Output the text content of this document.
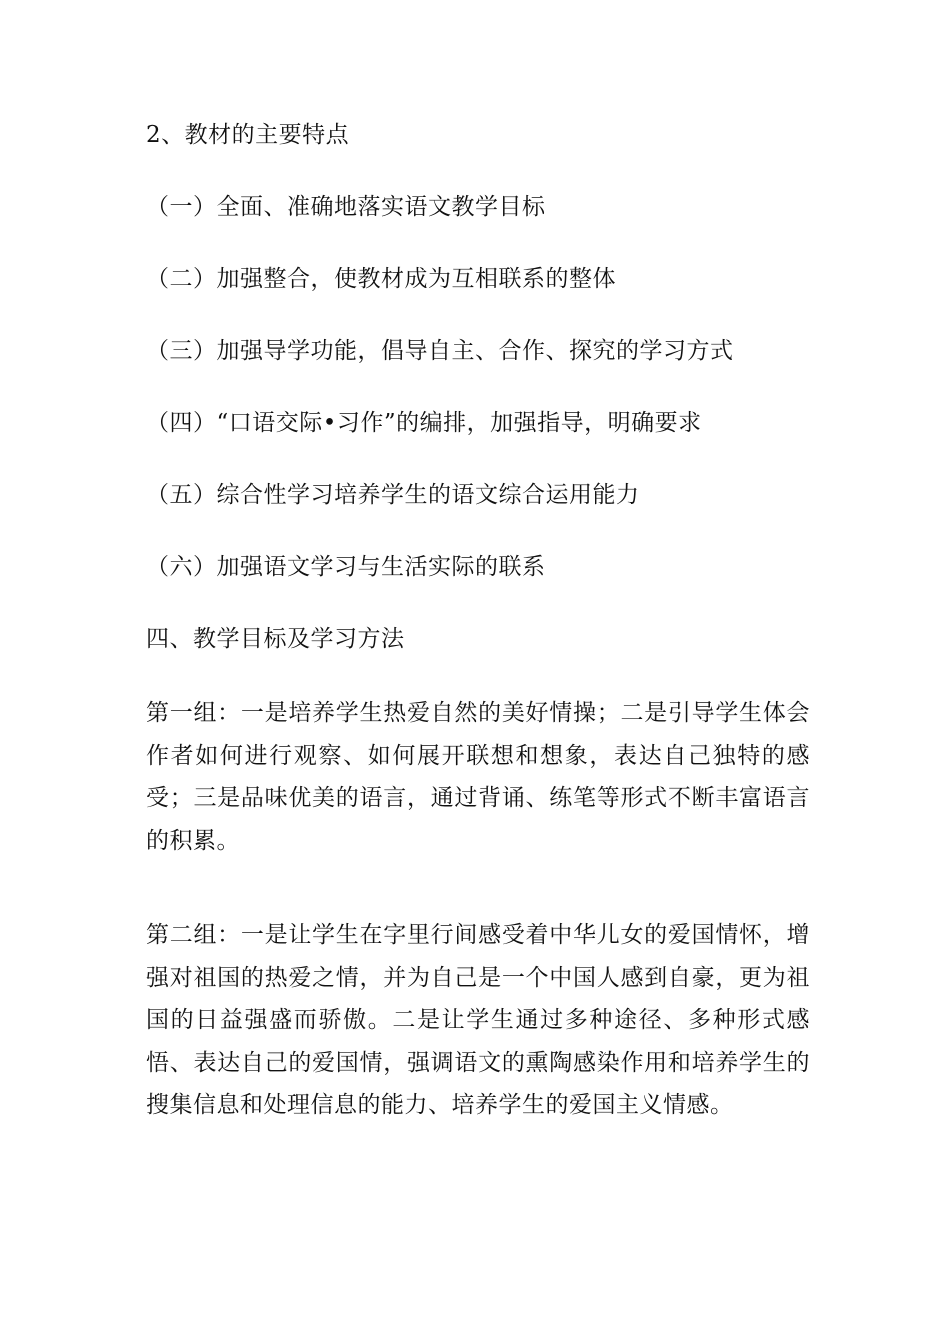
2、教材的主要特点
（一）全面、准确地落实语文教学目标
（二）加强整合，使教材成为互相联系的整体
（三）加强导学功能，倡导自主、合作、探究的学习方式
（四）“口语交际•习作”的编排，加强指导，明确要求
（五）综合性学习培养学生的语文综合运用能力
（六）加强语文学习与生活实际的联系
四、教学目标及学习方法
第一组：一是培养学生热爱自然的美好情操；二是引导学生体会作者如何进行观察、如何展开联想和想象，表达自己独特的感受；三是品味优美的语言，通过背诵、练笔等形式不断丰富语言的积累。
第二组：一是让学生在字里行间感受着中华儿女的爱国情怀，增强对祖国的热爱之情，并为自己是一个中国人感到自豪，更为祖国的日益强盛而骄傲。二是让学生通过多种途径、多种形式感悟、表达自己的爱国情，强调语文的熏陶感染作用和培养学生的搜集信息和处理信息的能力、培养学生的爱国主义情感。
